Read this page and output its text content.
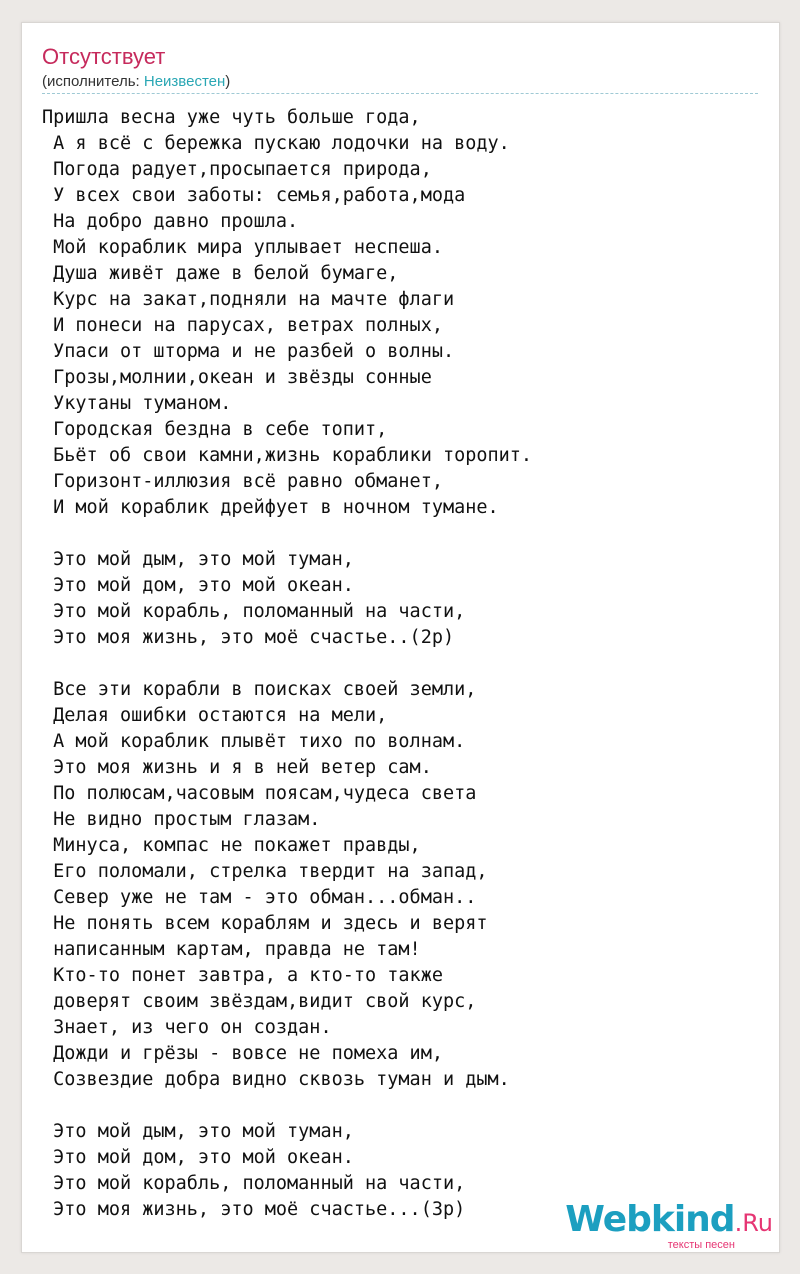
Отсутствует
(исполнитель: Неизвестен)
Пришла весна уже чуть больше года,
А я всё с бережка пускаю лодочки на воду.
Погода радует,просыпается природа,
У всех свои заботы: семья,работа,мода
На добро давно прошла.
Мой кораблик мира уплывает неспеша.
Душа живёт даже в белой бумаге,
Курс на закат,подняли на мачте флаги
И понеси на парусах, ветрах полных,
Упаси от шторма и не разбей о волны.
Грозы,молнии,океан и звёзды сонные
Укутаны туманом.
Городская бездна в себе топит,
Бьёт об свои камни,жизнь кораблики торопит.
Горизонт-иллюзия всё равно обманет,
И мой кораблик дрейфует в ночном тумане.

Это мой дым, это мой туман,
Это мой дом, это мой океан.
Это мой корабль, поломанный на части,
Это моя жизнь, это моё счастье..(2р)

Все эти корабли в поисках своей земли,
Делая ошибки остаются на мели,
А мой кораблик плывёт тихо по волнам.
Это моя жизнь и я в ней ветер сам.
По полюсам,часовым поясам,чудеса света
Не видно простым глазам.
Минуса, компас не покажет правды,
Его поломали, стрелка твердит на запад,
Север уже не там - это обман...обман..
Не понять всем кораблям и здесь и верят
написанным картам, правда не там!
Кто-то понет завтра, а кто-то также
доверят своим звёздам,видит свой курс,
Знает, из чего он создан.
Дожди и грёзы - вовсе не помеха им,
Созвездие добра видно сквозь туман и дым.

Это мой дым, это мой туман,
Это мой дом, это мой океан.
Это мой корабль, поломанный на части,
Это моя жизнь, это моё счастье...(3р)	Webkind.Ru
тексты песен
